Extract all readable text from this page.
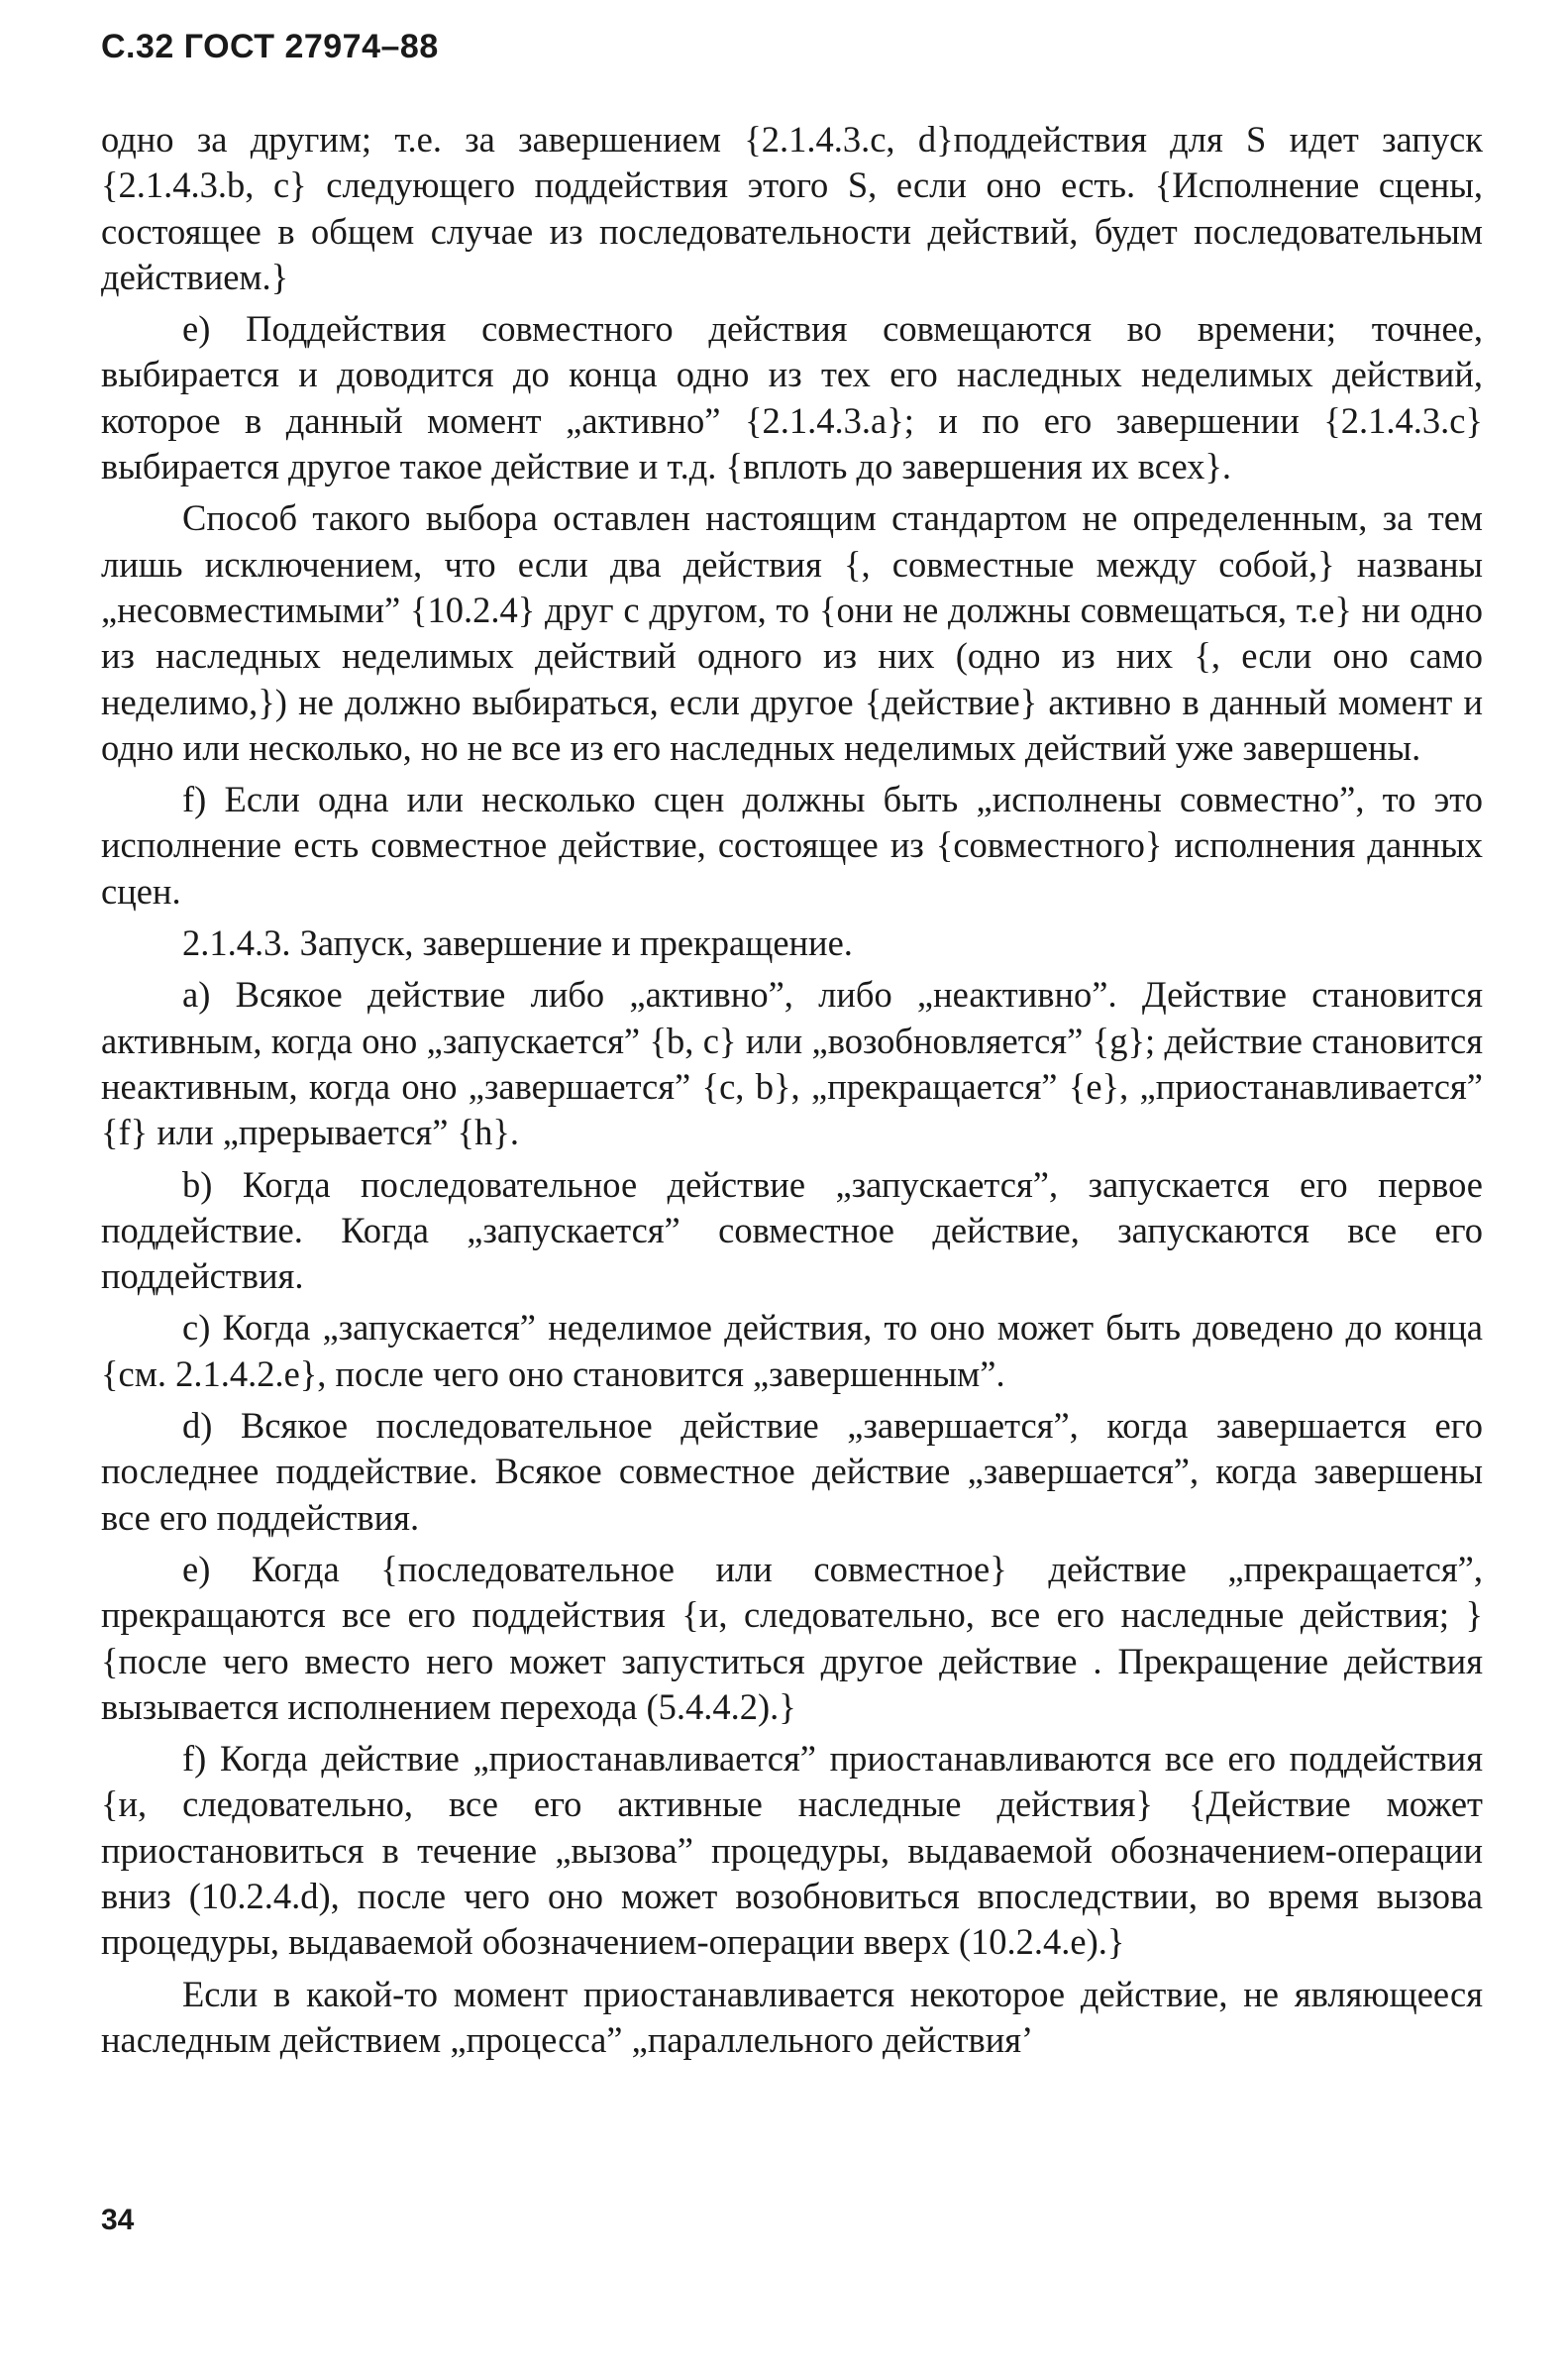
С.32 ГОСТ 27974–88

одно за другим; т.е. за завершением {2.1.4.3.c, d}поддействия для S идет запуск {2.1.4.3.b, c} следующего поддействия этого S, если оно есть. {Исполнение сцены, состоящее в общем случае из последовательности действий, будет последовательным действием.}

e) Поддействия совместного действия совмещаются во времени; точнее, выбирается и доводится до конца одно из тех его наследных неделимых действий, которое в данный момент „активно” {2.1.4.3.a}; и по его завершении {2.1.4.3.c} выбирается другое такое действие и т.д. {вплоть до завершения их всех}.

Способ такого выбора оставлен настоящим стандартом не определенным, за тем лишь исключением, что если два действия {, совместные между собой,} названы „несовместимыми” {10.2.4} друг с другом, то {они не должны совмещаться, т.е} ни одно из наследных неделимых действий одного из них (одно из них {, если оно само неделимо,}) не должно выбираться, если другое {действие} активно в данный момент и одно или несколько, но не все из его наследных неделимых действий уже завершены.

f) Если одна или несколько сцен должны быть „исполнены совместно”, то это исполнение есть совместное действие, состоящее из {совместного} исполнения данных сцен.

2.1.4.3. Запуск, завершение и прекращение.

a) Всякое действие либо „активно”, либо „неактивно”. Действие становится активным, когда оно „запускается” {b, c} или „возобновляется” {g}; действие становится неактивным, когда оно „завершается” {c, b}, „прекращается” {e}, „приостанавливается” {f} или „прерывается” {h}.

b) Когда последовательное действие „запускается”, запускается его первое поддействие. Когда „запускается” совместное действие, запускаются все его поддействия.

c) Когда „запускается” неделимое действия, то оно может быть доведено до конца {см. 2.1.4.2.e}, после чего оно становится „завершенным”.

d) Всякое последовательное действие „завершается”, когда завершается его последнее поддействие. Всякое совместное действие „завершается”, когда завершены все его поддействия.

e) Когда {последовательное или совместное} действие „прекращается”, прекращаются все его поддействия {и, следовательно, все его наследные действия; } {после чего вместо него может запуститься другое действие . Прекращение действия вызывается исполнением перехода (5.4.4.2).}

f) Когда действие „приостанавливается” приостанавливаются все его поддействия {и, следовательно, все его активные наследные действия} {Действие может приостановиться в течение „вызова” процедуры, выдаваемой обозначением-операции вниз (10.2.4.d), после чего оно может возобновиться впоследствии, во время вызова процедуры, выдаваемой обозначением-операции вверх (10.2.4.e).}

Если в какой-то момент приостанавливается некоторое действие, не являющееся наследным действием „процесса” „параллельного действия’

34
